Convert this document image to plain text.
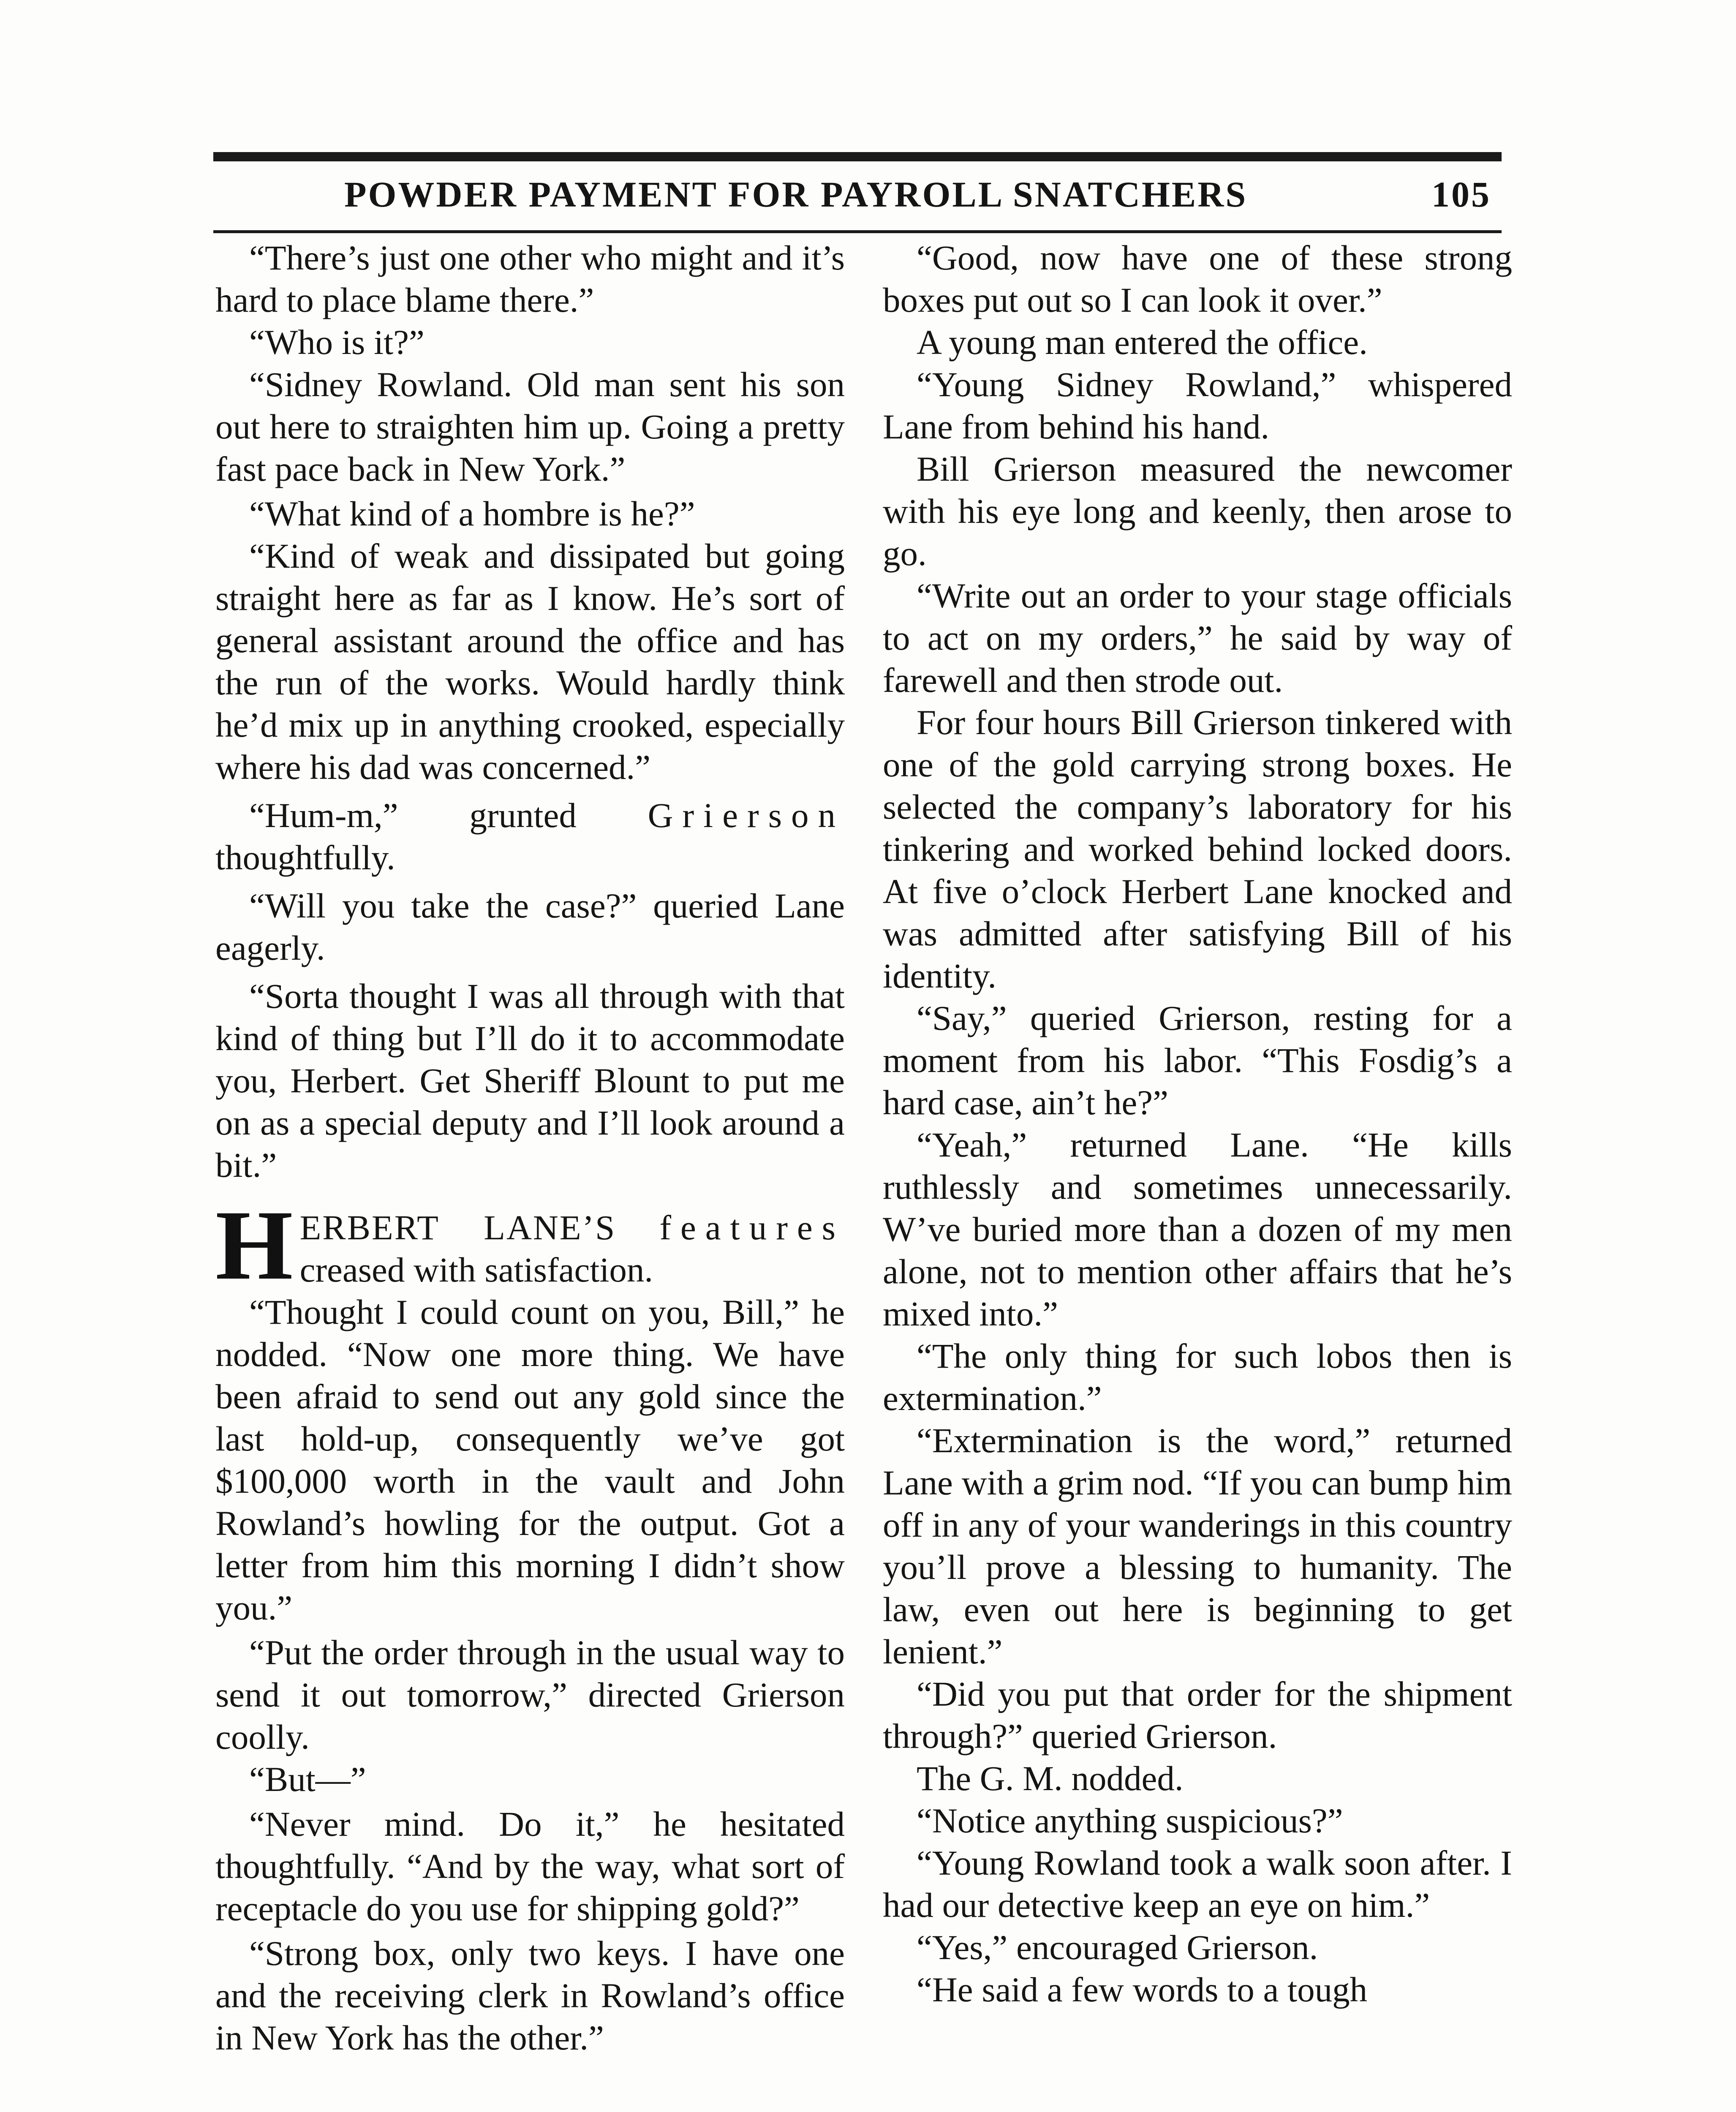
POWDER PAYMENT FOR PAYROLL SNATCHERS	105

“There’s just one other who might and it’s hard to place blame there.”

“Who is it?”

“Sidney Rowland. Old man sent his son out here to straighten him up. Going a pretty fast pace back in New York.”

“What kind of a hombre is he?”

“Kind of weak and dissipated but going straight here as far as I know. He’s sort of general assistant around the office and has the run of the works. Would hardly think he’d mix up in anything crooked, especially where his dad was concerned.”

“Hum-m,” grunted Grierson thoughtfully.

“Will you take the case?” queried Lane eagerly.

“Sorta thought I was all through with that kind of thing but I’ll do it to accommodate you, Herbert. Get Sheriff Blount to put me on as a special deputy and I’ll look around a bit.”

HERBERT LANE’S features creased with satisfaction.

“Thought I could count on you, Bill,” he nodded. “Now one more thing. We have been afraid to send out any gold since the last hold-up, consequently we’ve got $100,000 worth in the vault and John Rowland’s howling for the output. Got a letter from him this morning I didn’t show you.”

“Put the order through in the usual way to send it out tomorrow,” directed Grierson coolly.

“But—”

“Never mind. Do it,” he hesitated thoughtfully. “And by the way, what sort of receptacle do you use for shipping gold?”

“Strong box, only two keys. I have one and the receiving clerk in Rowland’s office in New York has the other.”

“Good, now have one of these strong boxes put out so I can look it over.”

A young man entered the office.

“Young Sidney Rowland,” whispered Lane from behind his hand.

Bill Grierson measured the newcomer with his eye long and keenly, then arose to go.

“Write out an order to your stage officials to act on my orders,” he said by way of farewell and then strode out.

For four hours Bill Grierson tinkered with one of the gold carrying strong boxes. He selected the company’s laboratory for his tinkering and worked behind locked doors. At five o’clock Herbert Lane knocked and was admitted after satisfying Bill of his identity.

“Say,” queried Grierson, resting for a moment from his labor. “This Fosdig’s a hard case, ain’t he?”

“Yeah,” returned Lane. “He kills ruthlessly and sometimes unnecessarily. W’ve buried more than a dozen of my men alone, not to mention other affairs that he’s mixed into.”

“The only thing for such lobos then is extermination.”

“Extermination is the word,” returned Lane with a grim nod. “If you can bump him off in any of your wanderings in this country you’ll prove a blessing to humanity. The law, even out here is beginning to get lenient.”

“Did you put that order for the shipment through?” queried Grierson.

The G. M. nodded.

“Notice anything suspicious?”

“Young Rowland took a walk soon after. I had our detective keep an eye on him.”

“Yes,” encouraged Grierson.

“He said a few words to a tough
